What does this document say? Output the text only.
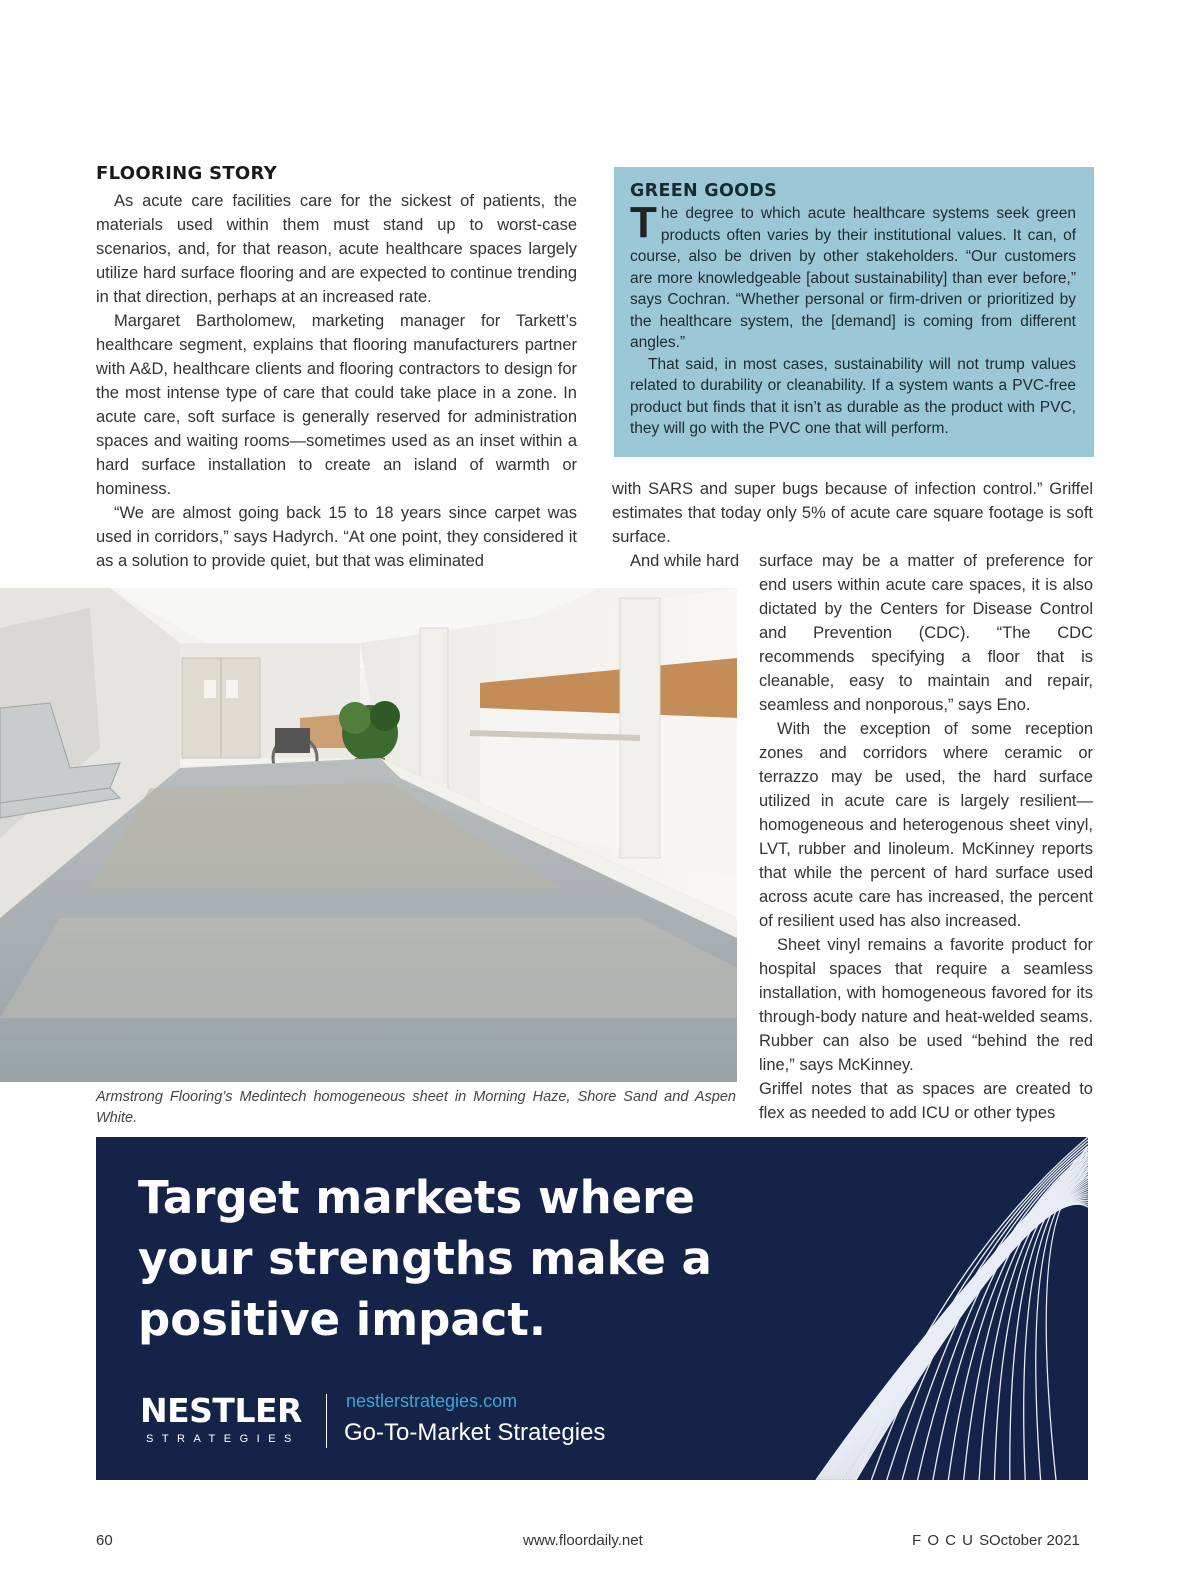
FLOORING STORY

As acute care facilities care for the sickest of patients, the materials used within them must stand up to worst-case scenarios, and, for that reason, acute healthcare spaces largely utilize hard surface flooring and are expected to continue trending in that direction, perhaps at an increased rate.

Margaret Bartholomew, marketing manager for Tarkett’s healthcare segment, explains that flooring manufacturers partner with A&D, healthcare clients and flooring contractors to design for the most intense type of care that could take place in a zone. In acute care, soft surface is generally reserved for administration spaces and waiting rooms—sometimes used as an inset within a hard surface installation to create an island of warmth or hominess.

“We are almost going back 15 to 18 years since carpet was used in corridors,” says Hadyrch. “At one point, they considered it as a solution to provide quiet, but that was eliminated

GREEN GOODS

The degree to which acute healthcare systems seek green products often varies by their institutional values. It can, of course, also be driven by other stakeholders. “Our customers are more knowledgeable [about sustainability] than ever before,” says Cochran. “Whether personal or firm-driven or prioritized by the healthcare system, the [demand] is coming from different angles.”

That said, in most cases, sustainability will not trump values related to durability or cleanability. If a system wants a PVC-free product but finds that it isn’t as durable as the product with PVC, they will go with the PVC one that will perform.

with SARS and super bugs because of infection control.” Griffel estimates that today only 5% of acute care square footage is soft surface.

And while hard surface may be a matter of preference for end users within acute care spaces, it is also dictated by the Centers for Disease Control and Prevention (CDC). “The CDC recommends specifying a floor that is cleanable, easy to maintain and repair, seamless and nonporous,” says Eno.

With the exception of some reception zones and corridors where ceramic or terrazzo may be used, the hard surface utilized in acute care is largely resilient—homogeneous and heterogenous sheet vinyl, LVT, rubber and linoleum. McKinney reports that while the percent of hard surface used across acute care has increased, the percent of resilient used has also increased.

Sheet vinyl remains a favorite product for hospital spaces that require a seamless installation, with homogeneous favored for its through-body nature and heat-welded seams. Rubber can also be used “behind the red line,” says McKinney.

Griffel notes that as spaces are created to flex as needed to add ICU or other types

Armstrong Flooring’s Medintech homogeneous sheet in Morning Haze, Shore Sand and Aspen White.
Target markets where
your strengths make a
positive impact.
NESTLER
STRATEGIES
nestlerstrategies.com
Go-To-Market Strategies
60	www.floordaily.net	F O C U S
October 2021
